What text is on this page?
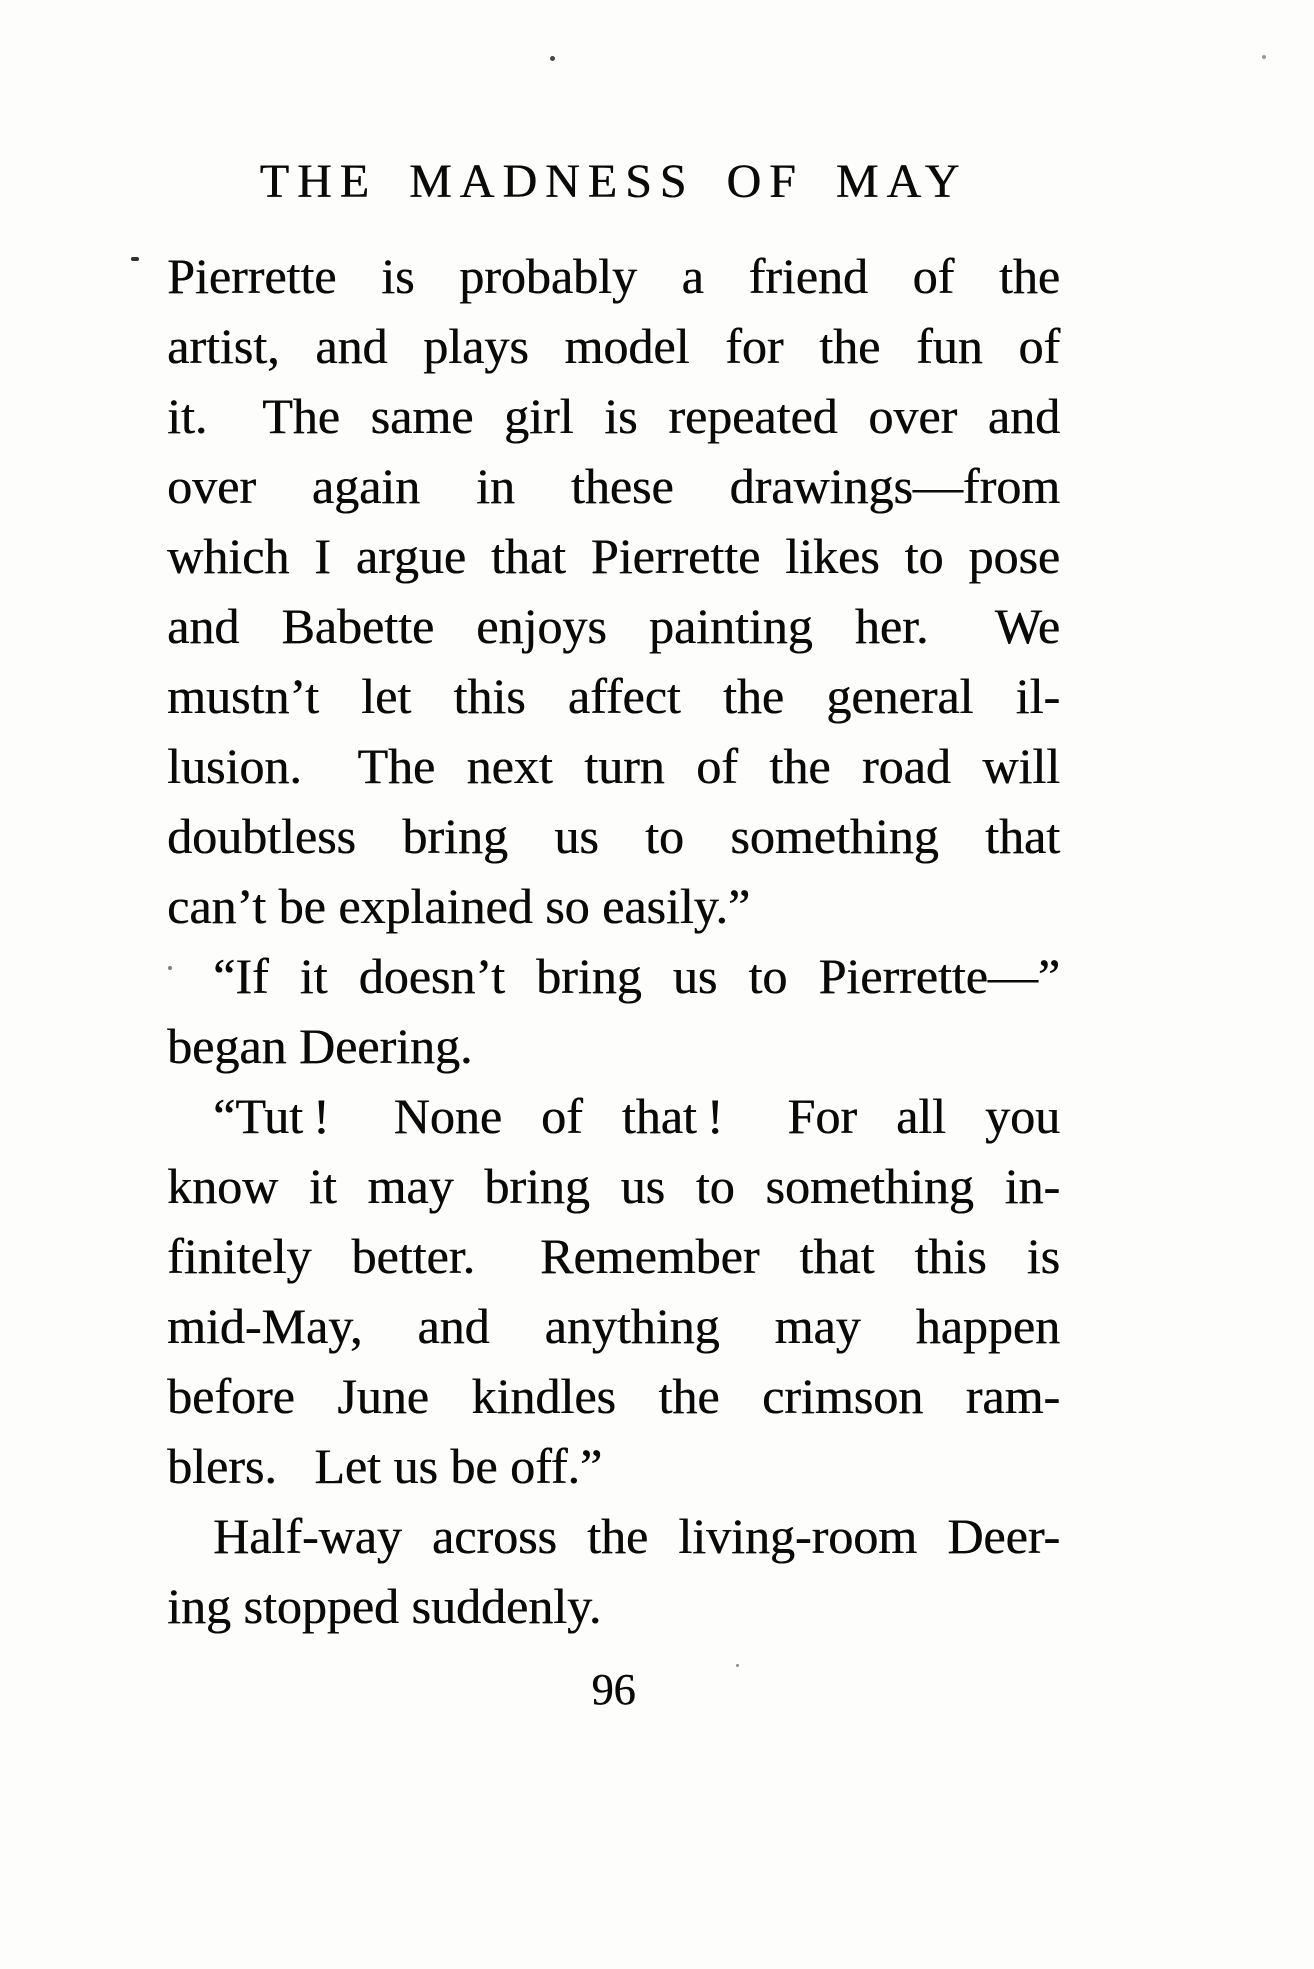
THE MADNESS OF MAY
Pierrette is probably a friend of the
artist, and plays model for the fun of
it.  The same girl is repeated over and
over again in these drawings—from
which I argue that Pierrette likes to pose
and Babette enjoys painting her.  We
mustn’t let this affect the general il-
lusion.  The next turn of the road will
doubtless bring us to something that
can’t be explained so easily.”
“If it doesn’t bring us to Pierrette—”
began Deering.
“Tut !  None of that !  For all you
know it may bring us to something in-
finitely better.  Remember that this is
mid-May, and anything may happen
before June kindles the crimson ram-
blers.  Let us be off.”
Half-way across the living-room Deer-
ing stopped suddenly.
96
